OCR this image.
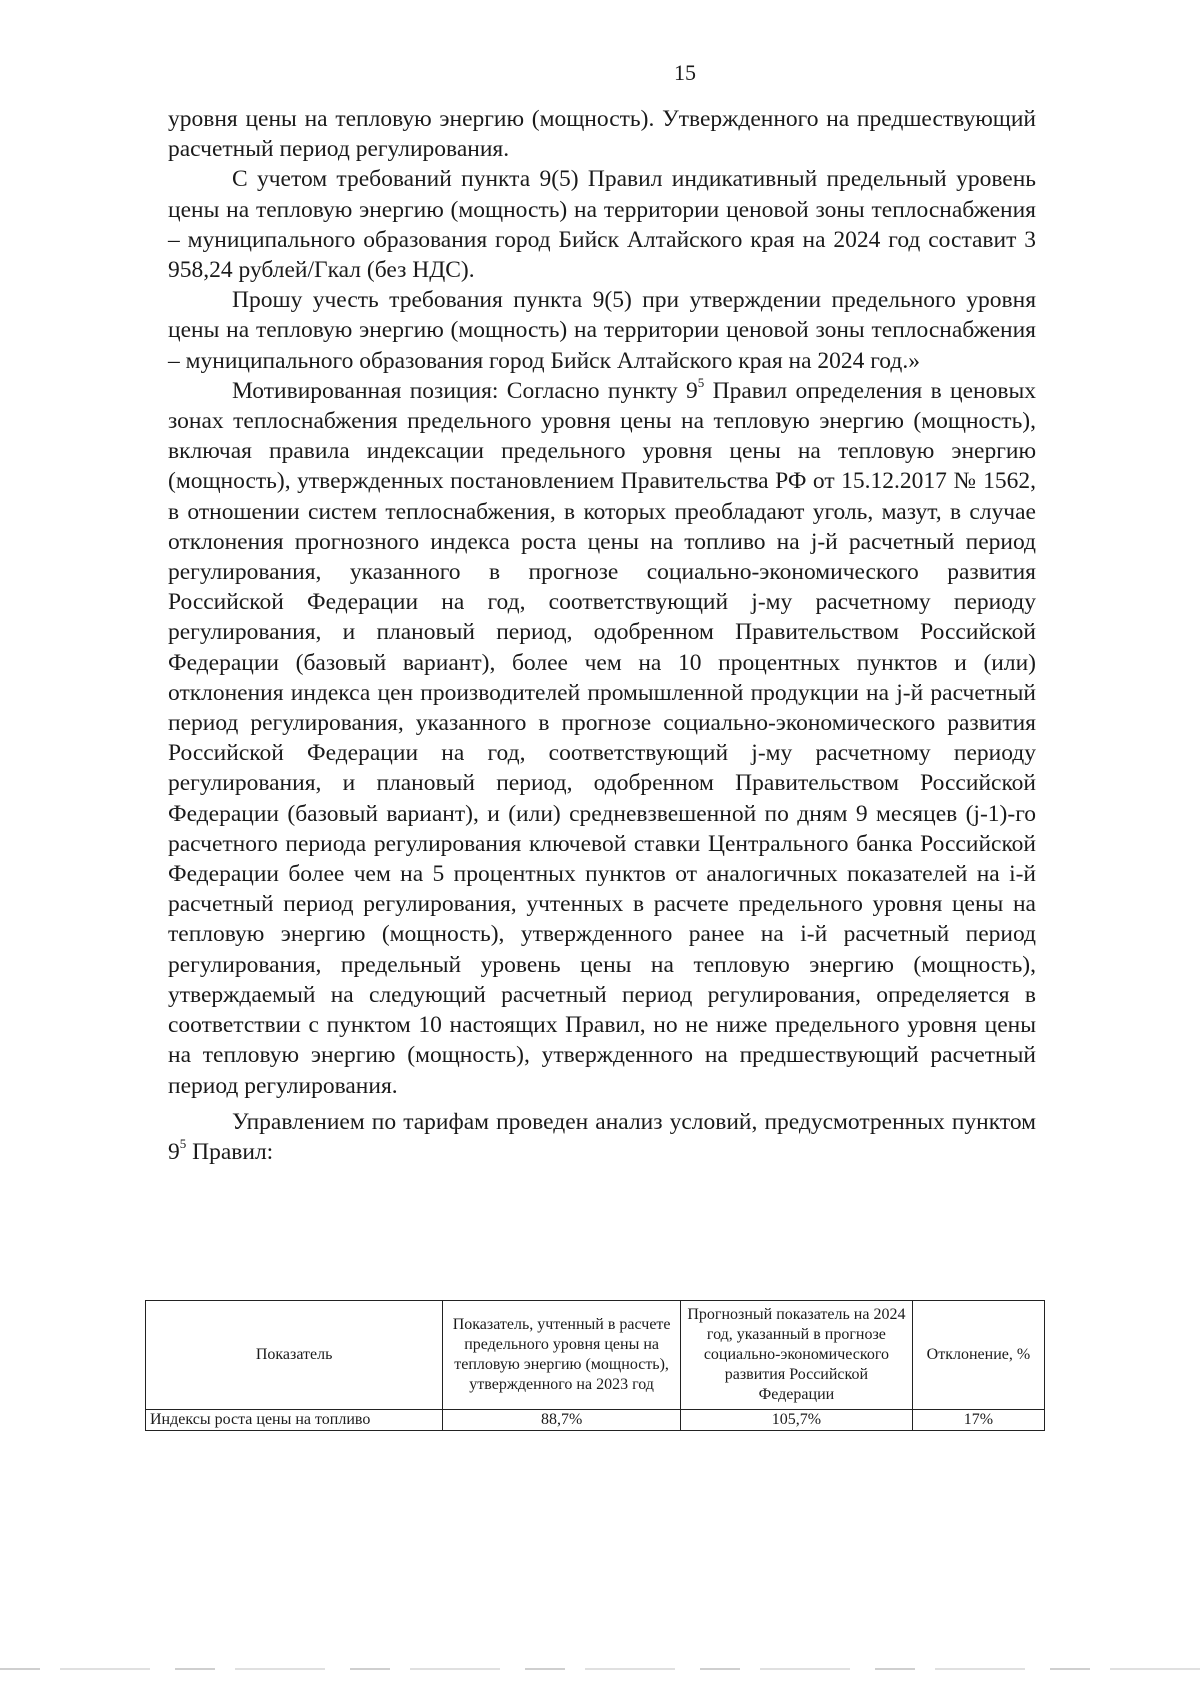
15

уровня цены на тепловую энергию (мощность). Утвержденного на предшествующий расчетный период регулирования.

С учетом требований пункта 9(5) Правил индикативный предельный уровень цены на тепловую энергию (мощность) на территории ценовой зоны теплоснабжения – муниципального образования город Бийск Алтайского края на 2024 год составит 3 958,24 рублей/Гкал (без НДС).

Прошу учесть требования пункта 9(5) при утверждении предельного уровня цены на тепловую энергию (мощность) на территории ценовой зоны теплоснабжения – муниципального образования город Бийск Алтайского края на 2024 год.»

Мотивированная позиция: Согласно пункту $9^5$ Правил определения в ценовых зонах теплоснабжения предельного уровня цены на тепловую энергию (мощность), включая правила индексации предельного уровня цены на тепловую энергию (мощность), утвержденных постановлением Правительства РФ от 15.12.2017 № 1562, в отношении систем теплоснабжения, в которых преобладают уголь, мазут, в случае отклонения прогнозного индекса роста цены на топливо на j-й расчетный период регулирования, указанного в прогнозе социально-экономического развития Российской Федерации на год, соответствующий j-му расчетному периоду регулирования, и плановый период, одобренном Правительством Российской Федерации (базовый вариант), более чем на 10 процентных пунктов и (или) отклонения индекса цен производителей промышленной продукции на j-й расчетный период регулирования, указанного в прогнозе социально-экономического развития Российской Федерации на год, соответствующий j-му расчетному периоду регулирования, и плановый период, одобренном Правительством Российской Федерации (базовый вариант), и (или) средневзвешенной по дням 9 месяцев (j-1)-го расчетного периода регулирования ключевой ставки Центрального банка Российской Федерации более чем на 5 процентных пунктов от аналогичных показателей на i-й расчетный период регулирования, учтенных в расчете предельного уровня цены на тепловую энергию (мощность), утвержденного ранее на i-й расчетный период регулирования, предельный уровень цены на тепловую энергию (мощность), утверждаемый на следующий расчетный период регулирования, определяется в соответствии с пунктом 10 настоящих Правил, но не ниже предельного уровня цены на тепловую энергию (мощность), утвержденного на предшествующий расчетный период регулирования.

Управлением по тарифам проведен анализ условий, предусмотренных пунктом $9^5$ Правил:

Показатель	Показатель, учтенный в расчете предельного уровня цены на тепловую энергию (мощность), утвержденного на 2023 год	Прогнозный показатель на 2024 год, указанный в прогнозе социально-экономического развития Российской Федерации	Отклонение, %
Индексы роста цены на топливо	88,7%	105,7%	17%
